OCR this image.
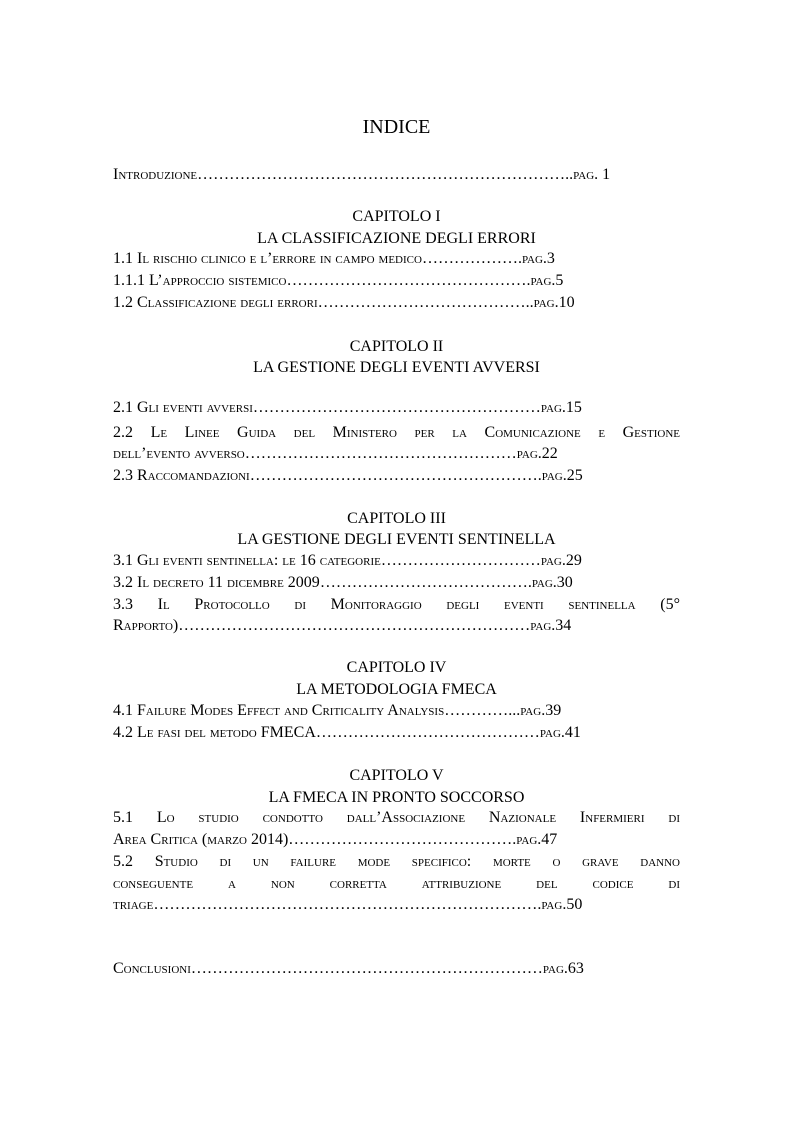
INDICE
Introduzione……………………………………………………………..pag. 1
CAPITOLO I
LA CLASSIFICAZIONE DEGLI ERRORI
1.1 Il rischio clinico e l’errore in campo medico……………….pag.3
1.1.1 L’approccio sistemico……………………………………….pag.5
1.2 Classificazione degli errori…………………………………..pag.10
CAPITOLO II
LA GESTIONE DEGLI EVENTI AVVERSI
2.1 Gli eventi avversi………………………………………………pag.15
2.2 Le Linee Guida del Ministero per la Comunicazione e Gestione
dell’evento avverso……………………………………………pag.22
2.3 Raccomandazioni……………………………………………….pag.25
CAPITOLO III
LA GESTIONE DEGLI EVENTI SENTINELLA
3.1 Gli eventi sentinella: le 16 categorie…………………………pag.29
3.2 Il decreto 11 dicembre 2009………………………………….pag.30
3.3 Il Protocollo di Monitoraggio degli eventi sentinella (5°
Rapporto)…………………………………………………………pag.34
CAPITOLO IV
LA METODOLOGIA FMECA
4.1 Failure Modes Effect and Criticality Analysis…………...pag.39
4.2 Le fasi del metodo FMECA……………………………………pag.41
CAPITOLO V
LA FMECA IN PRONTO SOCCORSO
5.1 Lo studio condotto dall’Associazione Nazionale Infermieri di
Area Critica (marzo 2014)…………………………………….pag.47
5.2 Studio di un failure mode specifico: morte o grave danno
conseguente a non corretta attribuzione del codice di
triage……………………………………………………………….pag.50
Conclusioni…………………………………………………………pag.63
